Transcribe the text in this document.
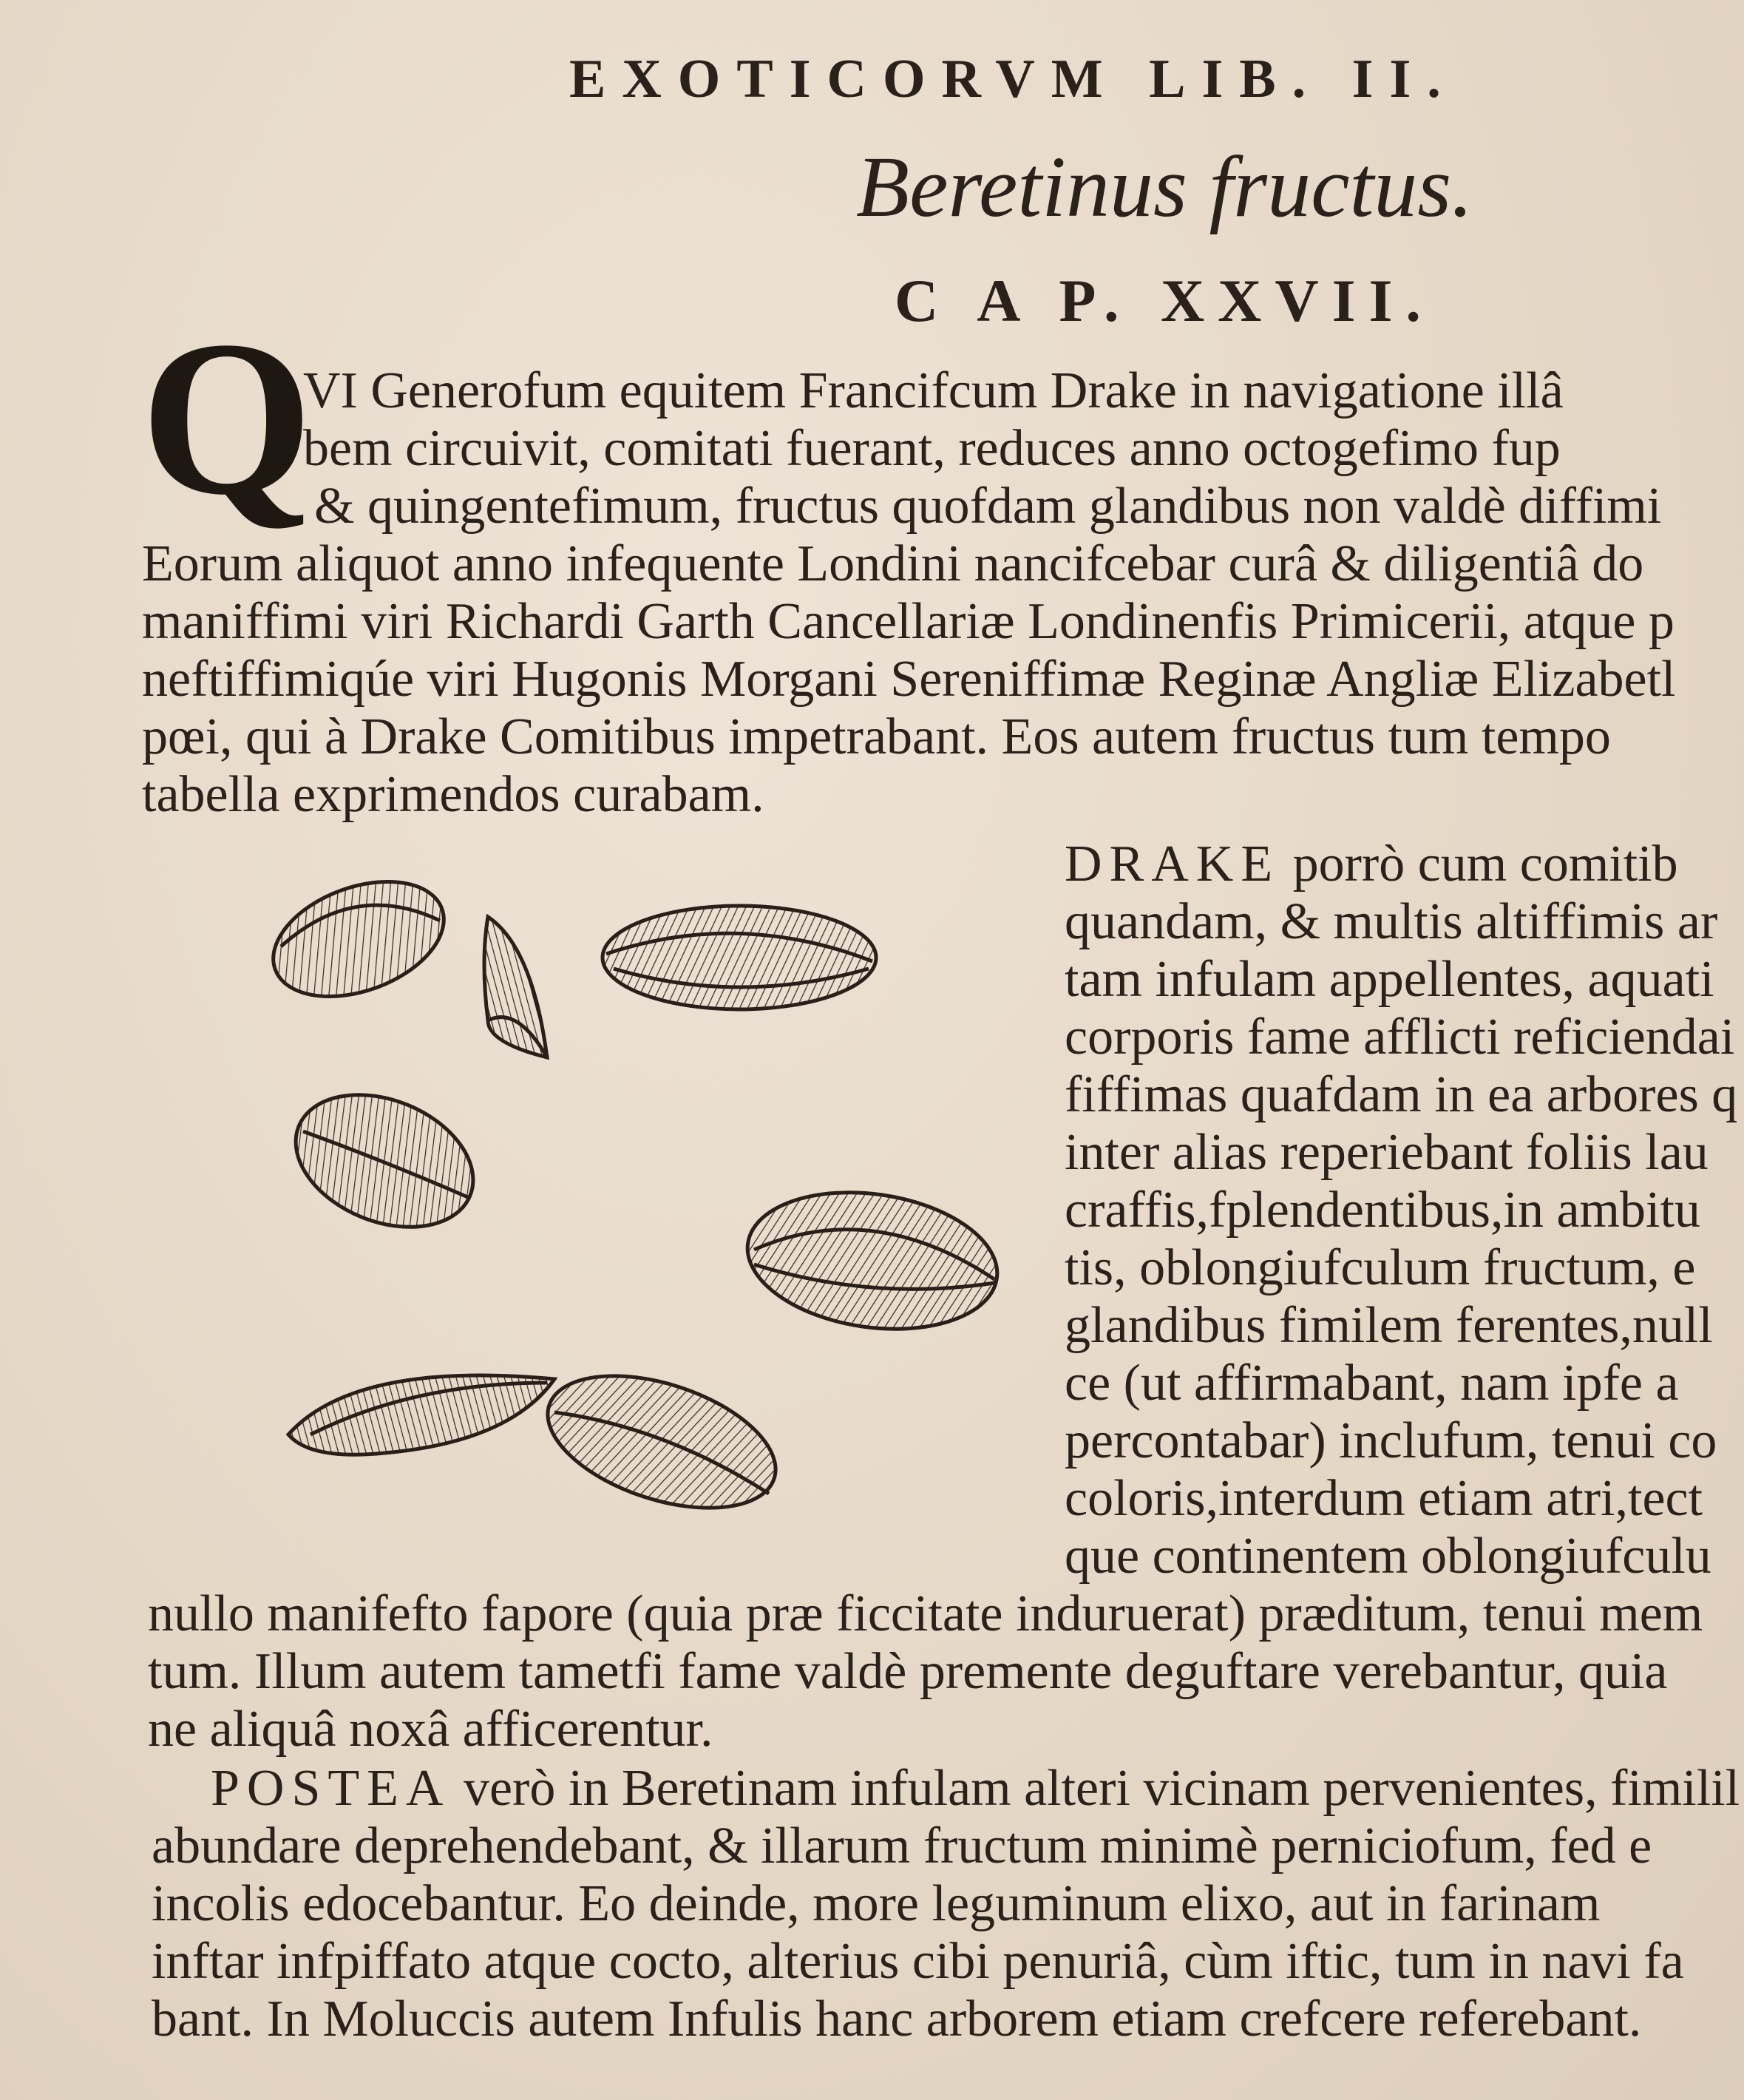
EXOTICORVM LIB. II.
Beretinus fructus.
C A P. XXVII.
Q
VI Generofum equitem Francifcum Drake in navigatione illâ
bem circuivit, comitati fuerant, reduces anno octogefimo fup
& quingentefimum, fructus quofdam glandibus non valdè diffimi
Eorum aliquot anno infequente Londini nancifcebar curâ & diligentiâ do
maniffimi viri Richardi Garth Cancellariæ Londinenfis Primicerii, atque p
neftiffimiqúe viri Hugonis Morgani Sereniffimæ Reginæ Angliæ Elizabetl
pœi, qui à Drake Comitibus impetrabant. Eos autem fructus tum tempo
tabella exprimendos curabam.
DRAKE porrò cum comitib
quandam, & multis altiffimis ar
tam infulam appellentes, aquati
corporis fame afflicti reficiendai
fiffimas quafdam in ea arbores q
inter alias reperiebant foliis lau
craffis,fplendentibus,in ambitu
tis, oblongiufculum fructum, e
glandibus fimilem ferentes,null
ce (ut affirmabant, nam ipfe a
percontabar) inclufum, tenui co
coloris,interdum etiam atri,tect
que continentem oblongiufculu
nullo manifefto fapore (quia præ ficcitate induruerat) præditum, tenui mem
tum. Illum autem tametfi fame valdè premente deguftare verebantur, quia
ne aliquâ noxâ afficerentur.
POSTEA verò in Beretinam infulam alteri vicinam pervenientes, fimilil
abundare deprehendebant, & illarum fructum minimè perniciofum, fed e
incolis edocebantur. Eo deinde, more leguminum elixo, aut in farinam
inftar infpiffato atque cocto, alterius cibi penuriâ, cùm iftic, tum in navi fa
bant. In Moluccis autem Infulis hanc arborem etiam crefcere referebant.
